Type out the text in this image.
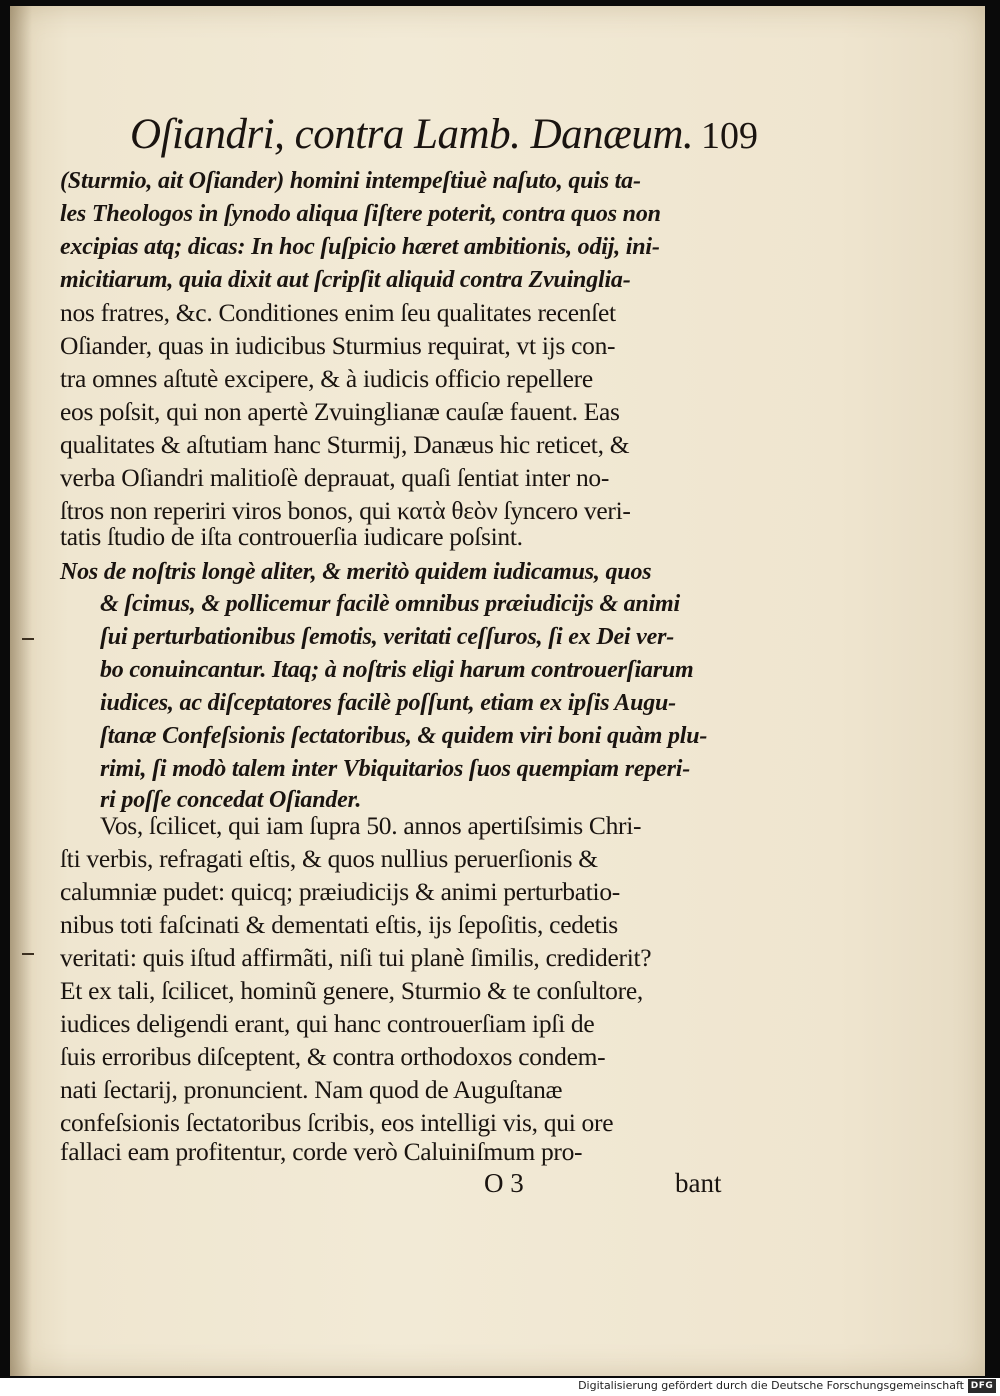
Oſiandri, contra Lamb. Danæum. 109
(Sturmio, ait Oſiander) homini intempeſtiuè naſuto, quis ta-
les Theologos in ſynodo aliqua ſiſtere poterit, contra quos non
excipias atq; dicas: In hoc ſuſpicio hæret ambitionis, odij, ini-
micitiarum, quia dixit aut ſcripſit aliquid contra Zvuinglia-
nos fratres, &c. Conditiones enim ſeu qualitates recenſet
Oſiander, quas in iudicibus Sturmius requirat, vt ijs con-
tra omnes aſtutè excipere, & à iudicis officio repellere
eos poſsit, qui non apertè Zvuinglianæ cauſæ fauent. Eas
qualitates & aſtutiam hanc Sturmij, Danæus hic reticet, &
verba Oſiandri malitioſè deprauat, quaſi ſentiat inter no-
ſtros non reperiri viros bonos, qui κατὰ θεὸν ſyncero veri-
tatis ſtudio de iſta controuerſia iudicare poſsint.
Nos de noſtris longè aliter, & meritò quidem iudicamus, quos
& ſcimus, & pollicemur facilè omnibus præiudicijs & animi
ſui perturbationibus ſemotis, veritati ceſſuros, ſi ex Dei ver-
bo conuincantur. Itaq; à noſtris eligi harum controuerſiarum
iudices, ac diſceptatores facilè poſſunt, etiam ex ipſis Augu-
ſtanæ Confeſsionis ſectatoribus, & quidem viri boni quàm plu-
rimi, ſi modò talem inter Vbiquitarios ſuos quempiam reperi-
ri poſſe concedat Oſiander.
Vos, ſcilicet, qui iam ſupra 50. annos apertiſsimis Chri-
ſti verbis, refragati eſtis, & quos nullius peruerſionis &
calumniæ pudet: quicq; præiudicijs & animi perturbatio-
nibus toti faſcinati & dementati eſtis, ijs ſepoſitis, cedetis
veritati: quis iſtud affirmãti, niſi tui planè ſimilis, crediderit?
Et ex tali, ſcilicet, hominũ genere, Sturmio & te conſultore,
iudices deligendi erant, qui hanc controuerſiam ipſi de
ſuis erroribus diſceptent, & contra orthodoxos condem-
nati ſectarij, pronuncient. Nam quod de Auguſtanæ
confeſsionis ſectatoribus ſcribis, eos intelligi vis, qui ore
fallaci eam profitentur, corde verò Caluiniſmum pro-
O 3	bant
Digitalisierung gefördert durch die Deutsche Forschungsgemeinschaft DFG
